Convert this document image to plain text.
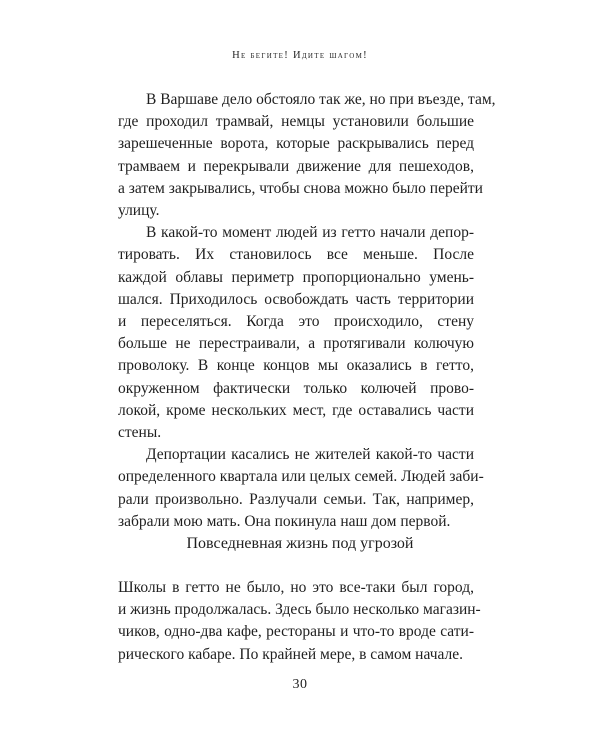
Не бегите! Идите шагом!
В Варшаве дело обстояло так же, но при въезде, там,
где проходил трамвай, немцы установили большие
зарешеченные ворота, которые раскрывались перед
трамваем и перекрывали движение для пешеходов,
а затем закрывались, чтобы снова можно было перейти
улицу.
В какой-то момент людей из гетто начали депор-
тировать. Их становилось все меньше. После
каждой облавы периметр пропорционально умень-
шался. Приходилось освобождать часть территории
и переселяться. Когда это происходило, стену
больше не перестраивали, а протягивали колючую
проволоку. В конце концов мы оказались в гетто,
окруженном фактически только колючей прово-
локой, кроме нескольких мест, где оставались части
стены.
Депортации касались не жителей какой-то части
определенного квартала или целых семей. Людей заби-
рали произвольно. Разлучали семьи. Так, например,
забрали мою мать. Она покинула наш дом первой.
Повседневная жизнь под угрозой
Школы в гетто не было, но это все-таки был город,
и жизнь продолжалась. Здесь было несколько магазин-
чиков, одно-два кафе, рестораны и что-то вроде сати-
рического кабаре. По крайней мере, в самом начале.
30
